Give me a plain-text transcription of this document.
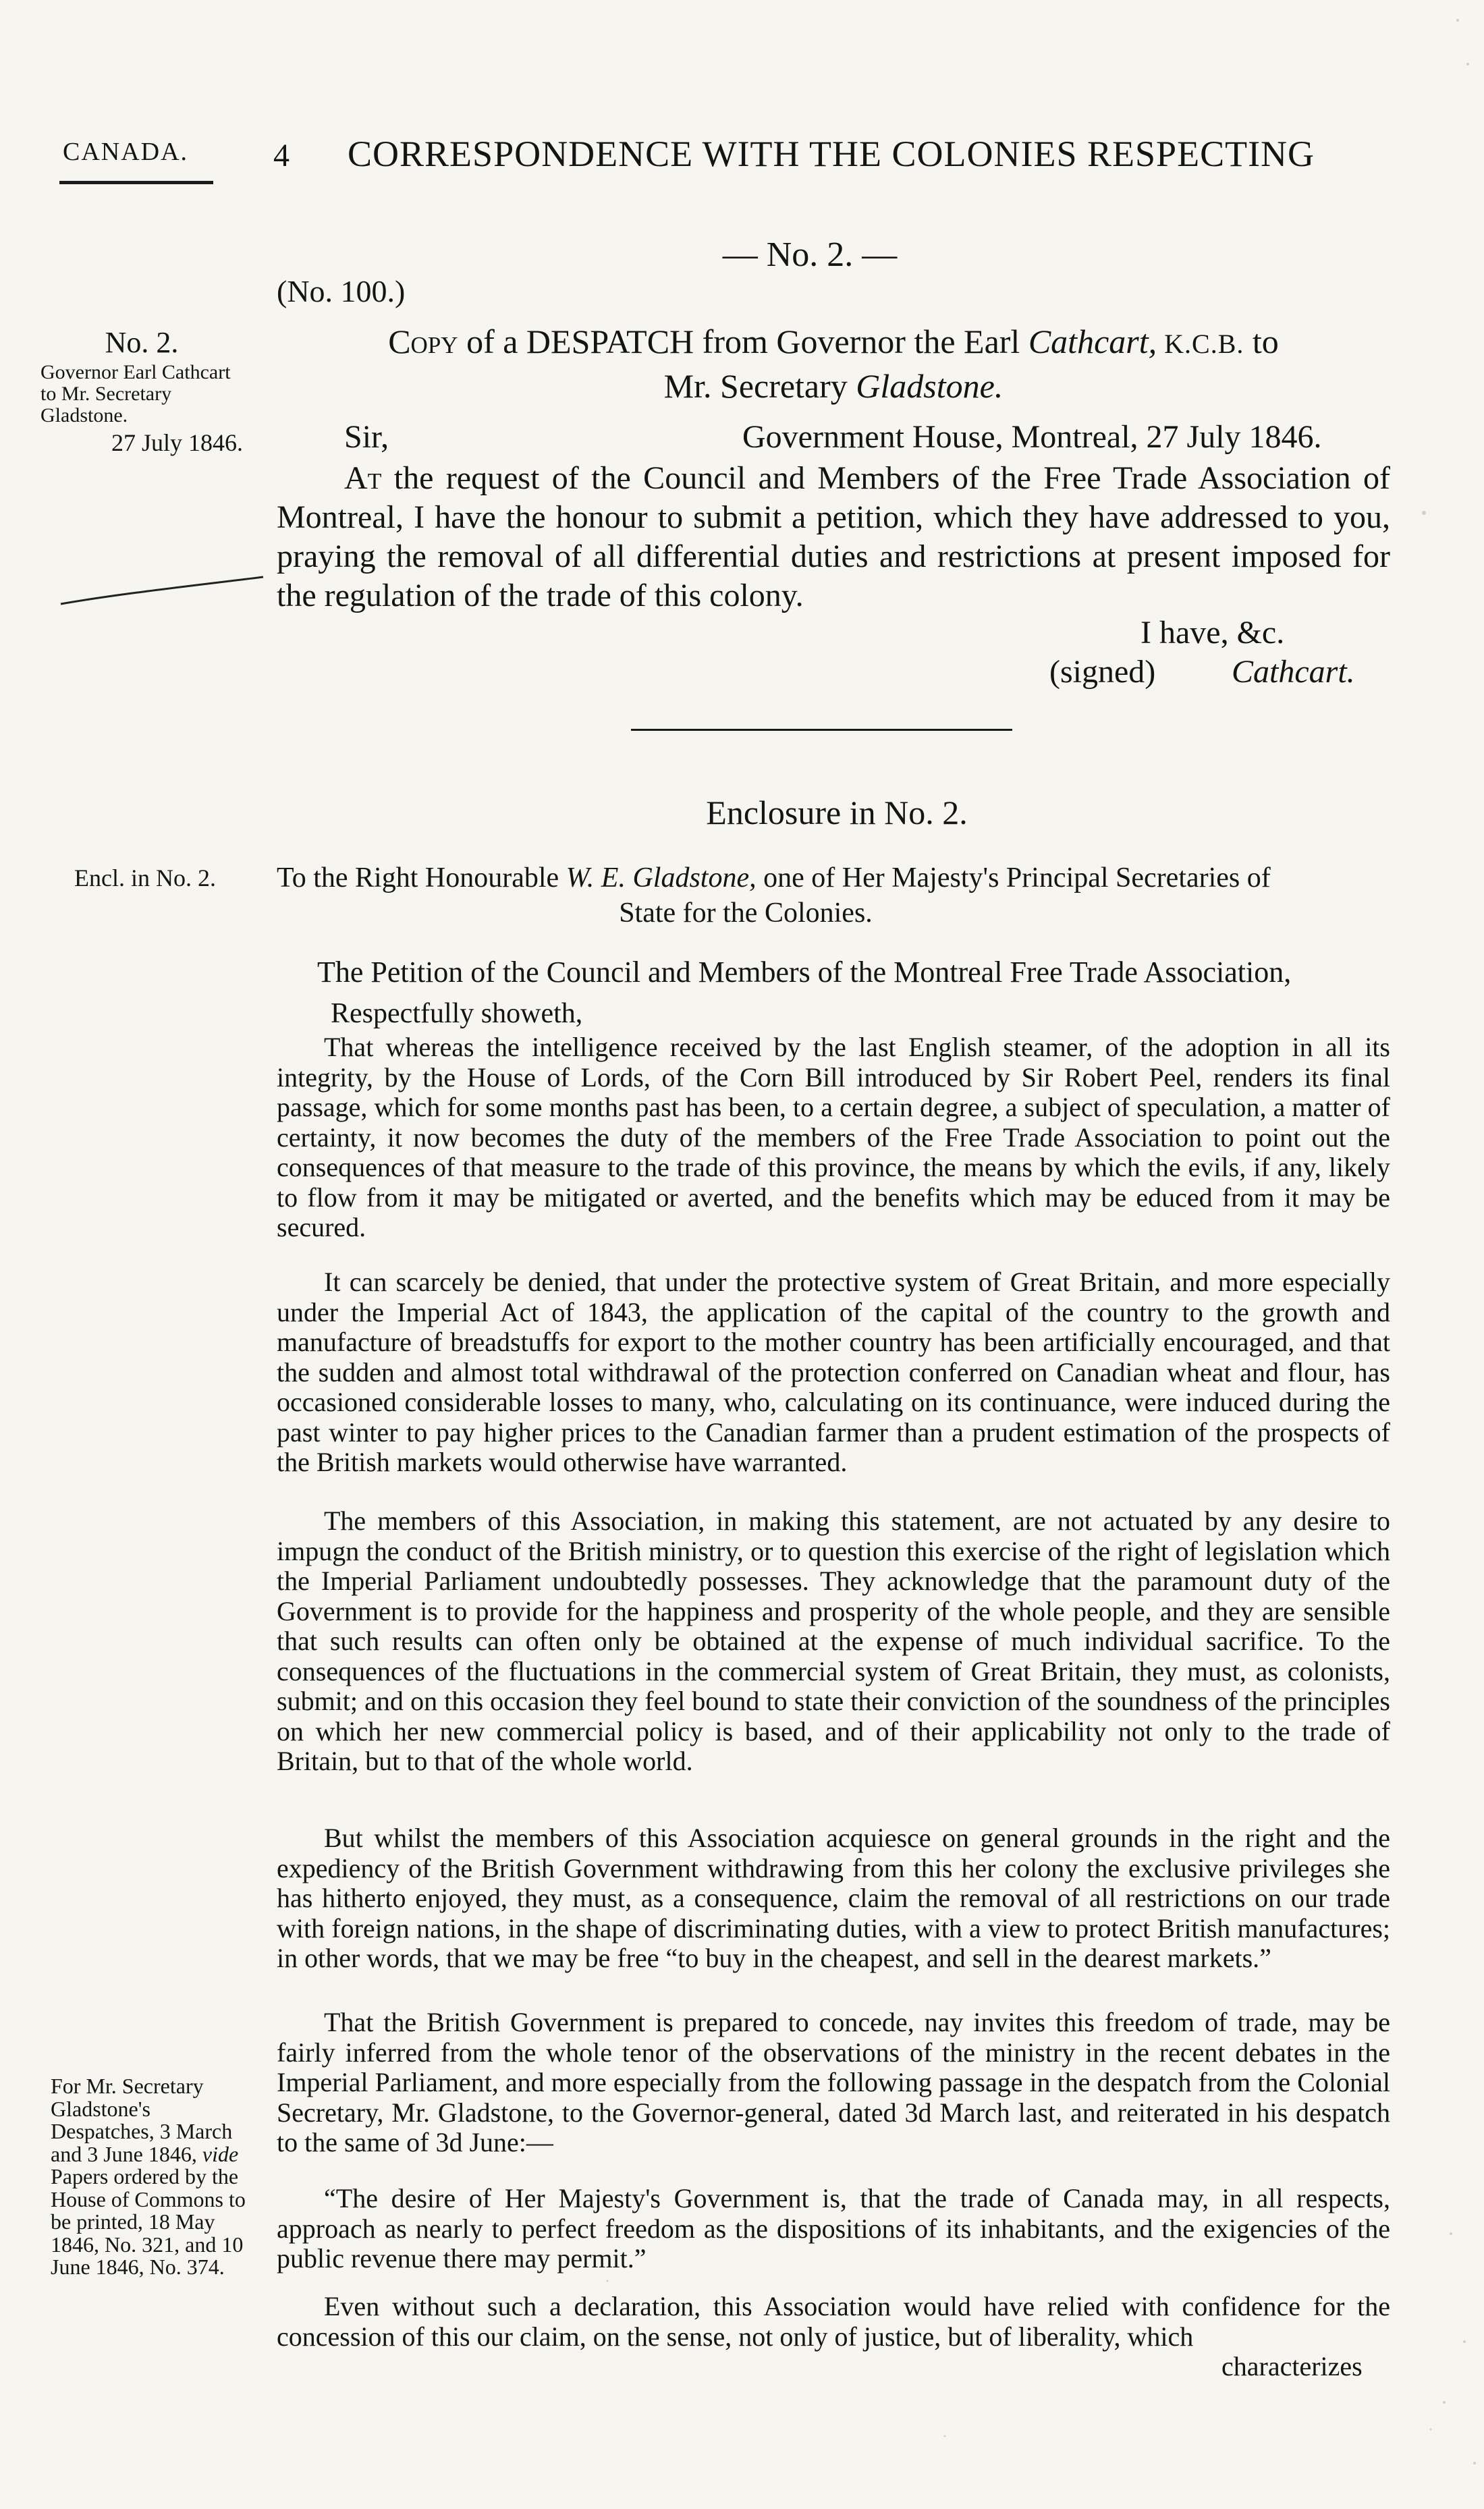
CANADA.	4 CORRESPONDENCE WITH THE COLONIES RESPECTING
— No. 2. —
(No. 100.)
Copy of a DESPATCH from Governor the Earl Cathcart, K.C.B. to
Mr. Secretary Gladstone.
No. 2.
Governor Earl Cathcart to Mr. Secretary Gladstone.
27 July 1846.	Sir,	Government House, Montreal, 27 July 1846.
At the request of the Council and Members of the Free Trade Association of Montreal, I have the honour to submit a petition, which they have addressed to you, praying the removal of all differential duties and restrictions at present imposed for the regulation of the trade of this colony.
I have, &c.
(signed) Cathcart.
Enclosure in No. 2.
Encl. in No. 2. To the Right Honourable W. E. Gladstone, one of Her Majesty's Principal Secretaries of
State for the Colonies.
The Petition of the Council and Members of the Montreal Free Trade Association,
Respectfully showeth,
That whereas the intelligence received by the last English steamer, of the adoption in all its integrity, by the House of Lords, of the Corn Bill introduced by Sir Robert Peel, renders its final passage, which for some months past has been, to a certain degree, a subject of speculation, a matter of certainty, it now becomes the duty of the members of the Free Trade Association to point out the consequences of that measure to the trade of this province, the means by which the evils, if any, likely to flow from it may be mitigated or averted, and the benefits which may be educed from it may be secured.
It can scarcely be denied, that under the protective system of Great Britain, and more especially under the Imperial Act of 1843, the application of the capital of the country to the growth and manufacture of breadstuffs for export to the mother country has been artificially encouraged, and that the sudden and almost total withdrawal of the protection conferred on Canadian wheat and flour, has occasioned considerable losses to many, who, calculating on its continuance, were induced during the past winter to pay higher prices to the Canadian farmer than a prudent estimation of the prospects of the British markets would otherwise have warranted.
The members of this Association, in making this statement, are not actuated by any desire to impugn the conduct of the British ministry, or to question this exercise of the right of legislation which the Imperial Parliament undoubtedly possesses. They acknowledge that the paramount duty of the Government is to provide for the happiness and prosperity of the whole people, and they are sensible that such results can often only be obtained at the expense of much individual sacrifice. To the consequences of the fluctuations in the commercial system of Great Britain, they must, as colonists, submit; and on this occasion they feel bound to state their conviction of the soundness of the principles on which her new commercial policy is based, and of their applicability not only to the trade of Britain, but to that of the whole world.
But whilst the members of this Association acquiesce on general grounds in the right and the expediency of the British Government withdrawing from this her colony the exclusive privileges she has hitherto enjoyed, they must, as a consequence, claim the removal of all restrictions on our trade with foreign nations, in the shape of discriminating duties, with a view to protect British manufactures; in other words, that we may be free “to buy in the cheapest, and sell in the dearest markets.”
That the British Government is prepared to concede, nay invites this freedom of trade, may be fairly inferred from the whole tenor of the observations of the ministry in the recent debates in the Imperial Parliament, and more especially from the following passage in the despatch from the Colonial Secretary, Mr. Gladstone, to the Governor-general, dated 3d March last, and reiterated in his despatch to the same of 3d June:—
“The desire of Her Majesty's Government is, that the trade of Canada may, in all respects, approach as nearly to perfect freedom as the dispositions of its inhabitants, and the exigencies of the public revenue there may permit.”
Even without such a declaration, this Association would have relied with confidence for the concession of this our claim, on the sense, not only of justice, but of liberality, which
characterizes
For Mr. Secretary Gladstone's Despatches, 3 March and 3 June 1846, vide Papers ordered by the House of Commons to be printed, 18 May 1846, No. 321, and 10 June 1846, No. 374.
